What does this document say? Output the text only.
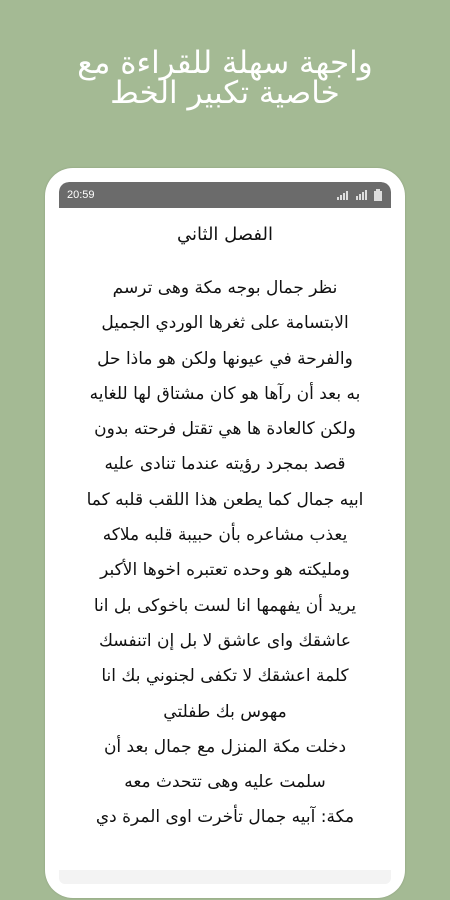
واجهة سهلة للقراءة مع
خاصية تكبير الخط
20:59
الفصل الثاني
نظر جمال بوجه مكة وهى ترسم
الابتسامة على ثغرها الوردي الجميل
والفرحة في عيونها ولكن هو ماذا حل
به بعد أن رآها هو كان مشتاق لها للغايه
ولكن كالعادة ها هي تقتل فرحته بدون
قصد بمجرد رؤيته عندما تنادى عليه
ابيه جمال كما يطعن هذا اللقب قلبه كما
يعذب مشاعره بأن حبيبة قلبه ملاكه
ومليكته هو وحده تعتبره اخوها الأكبر
يريد أن يفهمها انا لست باخوكى بل انا
عاشقك واى عاشق لا بل إن اتنفسك
كلمة اعشقك لا تكفى لجنوني بك انا
مهوس بك طفلتي
دخلت مكة المنزل مع جمال بعد أن
سلمت عليه وهى تتحدث معه
مكة: آبيه جمال تأخرت اوى المرة دي
